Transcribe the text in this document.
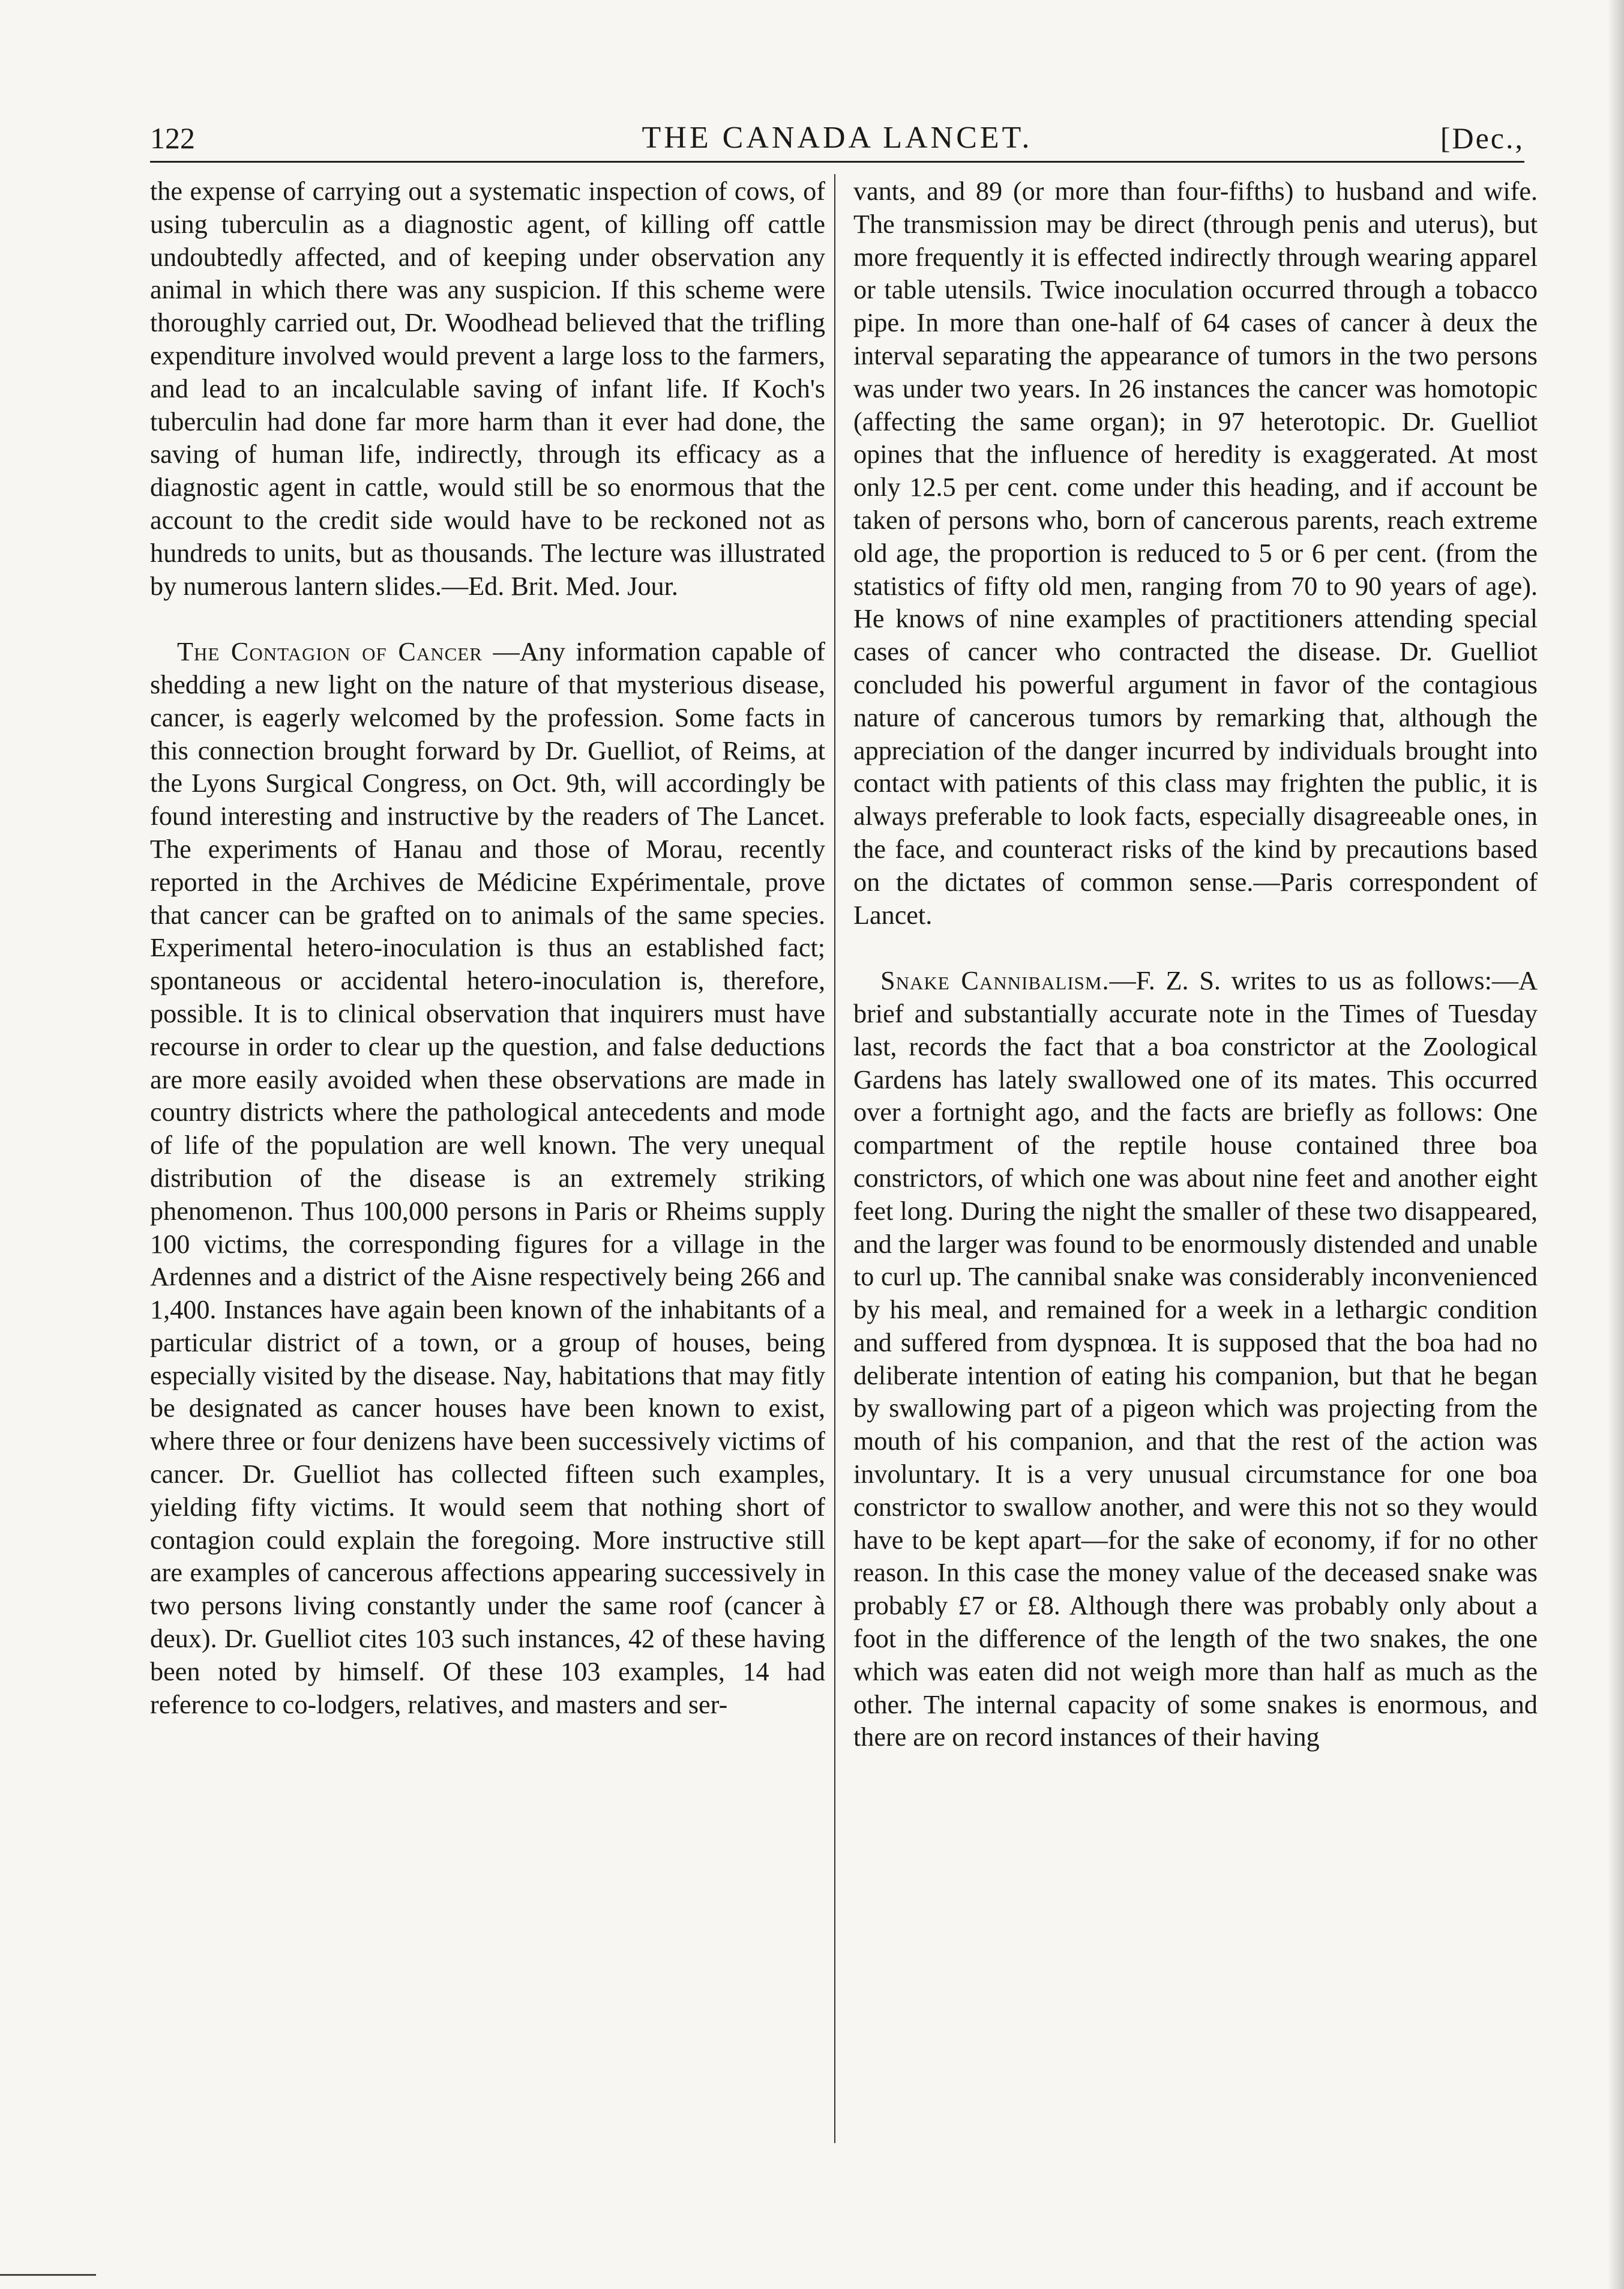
122	THE CANADA LANCET.	[Dec.,

the expense of carrying out a systematic inspection of cows, of using tuberculin as a diagnostic agent, of killing off cattle undoubtedly affected, and of keeping under observation any animal in which there was any suspicion. If this scheme were thoroughly carried out, Dr. Woodhead believed that the trifling expenditure involved would prevent a large loss to the farmers, and lead to an incalculable saving of infant life. If Koch's tuberculin had done far more harm than it ever had done, the saving of human life, indirectly, through its efficacy as a diagnostic agent in cattle, would still be so enormous that the account to the credit side would have to be reckoned not as hundreds to units, but as thousands. The lecture was illustrated by numerous lantern slides.—Ed. Brit. Med. Jour.

The Contagion of Cancer —Any information capable of shedding a new light on the nature of that mysterious disease, cancer, is eagerly welcomed by the profession. Some facts in this connection brought forward by Dr. Guelliot, of Reims, at the Lyons Surgical Congress, on Oct. 9th, will accordingly be found interesting and instructive by the readers of The Lancet. The experiments of Hanau and those of Morau, recently reported in the Archives de Médicine Expérimentale, prove that cancer can be grafted on to animals of the same species. Experimental hetero-inoculation is thus an established fact; spontaneous or accidental hetero-inoculation is, therefore, possible. It is to clinical observation that inquirers must have recourse in order to clear up the question, and false deductions are more easily avoided when these observations are made in country districts where the pathological antecedents and mode of life of the population are well known. The very unequal distribution of the disease is an extremely striking phenomenon. Thus 100,000 persons in Paris or Rheims supply 100 victims, the corresponding figures for a village in the Ardennes and a district of the Aisne respectively being 266 and 1,400. Instances have again been known of the inhabitants of a particular district of a town, or a group of houses, being especially visited by the disease. Nay, habitations that may fitly be designated as cancer houses have been known to exist, where three or four denizens have been successively victims of cancer. Dr. Guelliot has collected fifteen such examples, yielding fifty victims. It would seem that nothing short of contagion could explain the foregoing. More instructive still are examples of cancerous affections appearing successively in two persons living constantly under the same roof (cancer à deux). Dr. Guelliot cites 103 such instances, 42 of these having been noted by himself. Of these 103 examples, 14 had reference to co-lodgers, relatives, and masters and ser-

vants, and 89 (or more than four-fifths) to husband and wife. The transmission may be direct (through penis and uterus), but more frequently it is effected indirectly through wearing apparel or table utensils. Twice inoculation occurred through a tobacco pipe. In more than one-half of 64 cases of cancer à deux the interval separating the appearance of tumors in the two persons was under two years. In 26 instances the cancer was homotopic (affecting the same organ); in 97 heterotopic. Dr. Guelliot opines that the influence of heredity is exaggerated. At most only 12.5 per cent. come under this heading, and if account be taken of persons who, born of cancerous parents, reach extreme old age, the proportion is reduced to 5 or 6 per cent. (from the statistics of fifty old men, ranging from 70 to 90 years of age). He knows of nine examples of practitioners attending special cases of cancer who contracted the disease. Dr. Guelliot concluded his powerful argument in favor of the contagious nature of cancerous tumors by remarking that, although the appreciation of the danger incurred by individuals brought into contact with patients of this class may frighten the public, it is always preferable to look facts, especially disagreeable ones, in the face, and counteract risks of the kind by precautions based on the dictates of common sense.—Paris correspondent of Lancet.

Snake Cannibalism.—F. Z. S. writes to us as follows:—A brief and substantially accurate note in the Times of Tuesday last, records the fact that a boa constrictor at the Zoological Gardens has lately swallowed one of its mates. This occurred over a fortnight ago, and the facts are briefly as follows: One compartment of the reptile house contained three boa constrictors, of which one was about nine feet and another eight feet long. During the night the smaller of these two disappeared, and the larger was found to be enormously distended and unable to curl up. The cannibal snake was considerably inconvenienced by his meal, and remained for a week in a lethargic condition and suffered from dyspnœa. It is supposed that the boa had no deliberate intention of eating his companion, but that he began by swallowing part of a pigeon which was projecting from the mouth of his companion, and that the rest of the action was involuntary. It is a very unusual circumstance for one boa constrictor to swallow another, and were this not so they would have to be kept apart—for the sake of economy, if for no other reason. In this case the money value of the deceased snake was probably £7 or £8. Although there was probably only about a foot in the difference of the length of the two snakes, the one which was eaten did not weigh more than half as much as the other. The internal capacity of some snakes is enormous, and there are on record instances of their having
